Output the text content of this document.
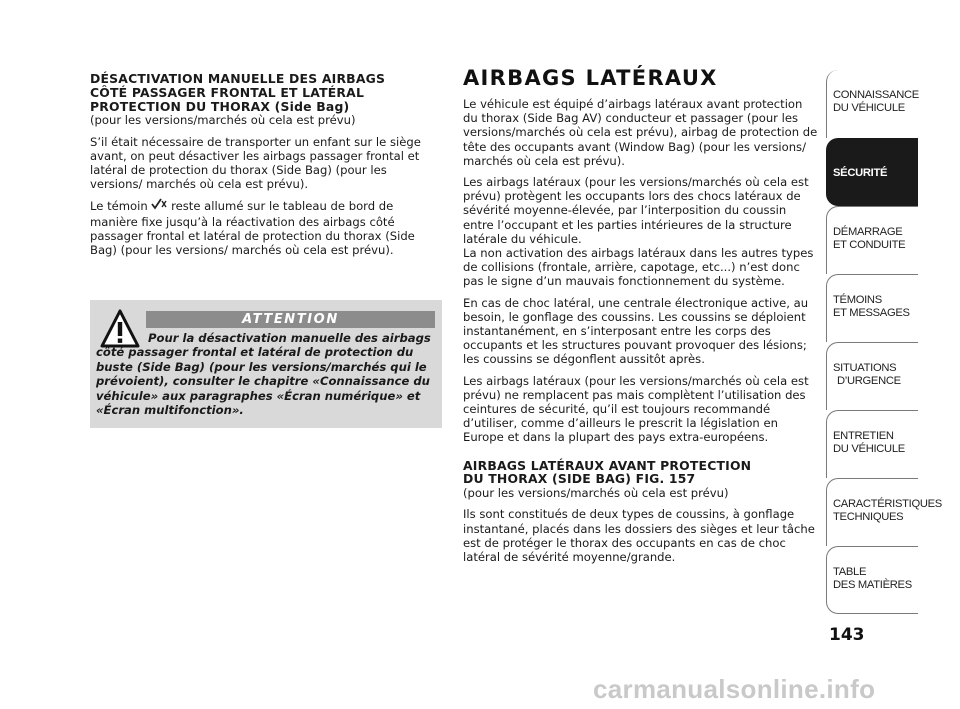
DÉSACTIVATION MANUELLE DES AIRBAGS
CÔTÉ PASSAGER FRONTAL ET LATÉRAL
PROTECTION DU THORAX (Side Bag)

(pour les versions/marchés où cela est prévu)

S’il était nécessaire de transporter un enfant sur le siège avant, on peut désactiver les airbags passager frontal et latéral de protection du thorax (Side Bag) (pour les versions/ marchés où cela est prévu).

Le témoin  reste allumé sur le tableau de bord de manière fixe jusqu’à la réactivation des airbags côté passager frontal et latéral de protection du thorax (Side Bag) (pour les versions/ marchés où cela est prévu).

ATTENTION
Pour la désactivation manuelle des airbags côté passager frontal et latéral de protection du buste (Side Bag) (pour les versions/marchés qui le prévoient), consulter le chapitre «Connaissance du véhicule» aux paragraphes «Écran numérique» et «Écran multifonction».
AIRBAGS LATÉRAUX

Le véhicule est équipé d’airbags latéraux avant protection du thorax (Side Bag AV) conducteur et passager (pour les versions/marchés où cela est prévu), airbag de protection de tête des occupants avant (Window Bag) (pour les versions/ marchés où cela est prévu).

Les airbags latéraux (pour les versions/marchés où cela est prévu) protègent les occupants lors des chocs latéraux de sévérité moyenne-élevée, par l’interposition du coussin entre l’occupant et les parties intérieures de la structure latérale du véhicule.
La non activation des airbags latéraux dans les autres types de collisions (frontale, arrière, capotage, etc...) n’est donc pas le signe d’un mauvais fonctionnement du système.

En cas de choc latéral, une centrale électronique active, au besoin, le gonflage des coussins. Les coussins se déploient instantanément, en s’interposant entre les corps des occupants et les structures pouvant provoquer des lésions; les coussins se dégonflent aussitôt après.

Les airbags latéraux (pour les versions/marchés où cela est prévu) ne remplacent pas mais complètent l’utilisation des ceintures de sécurité, qu’il est toujours recommandé d’utiliser, comme d’ailleurs le prescrit la législation en Europe et dans la plupart des pays extra-européens.

AIRBAGS LATÉRAUX AVANT PROTECTION
DU THORAX (SIDE BAG) FIG. 157

(pour les versions/marchés où cela est prévu)

Ils sont constitués de deux types de coussins, à gonflage instantané, placés dans les dossiers des sièges et leur tâche est de protéger le thorax des occupants en cas de choc latéral de sévérité moyenne/grande.

CONNAISSANCE
DU VÉHICULE
SÉCURITÉ
DÉMARRAGE
ET CONDUITE
TÉMOINS
ET MESSAGES
SITUATIONS
D’URGENCE
ENTRETIEN
DU VÉHICULE
CARACTÉRISTIQUES
TECHNIQUES
TABLE
DES MATIÈRES
143
carmanualsonline.info
